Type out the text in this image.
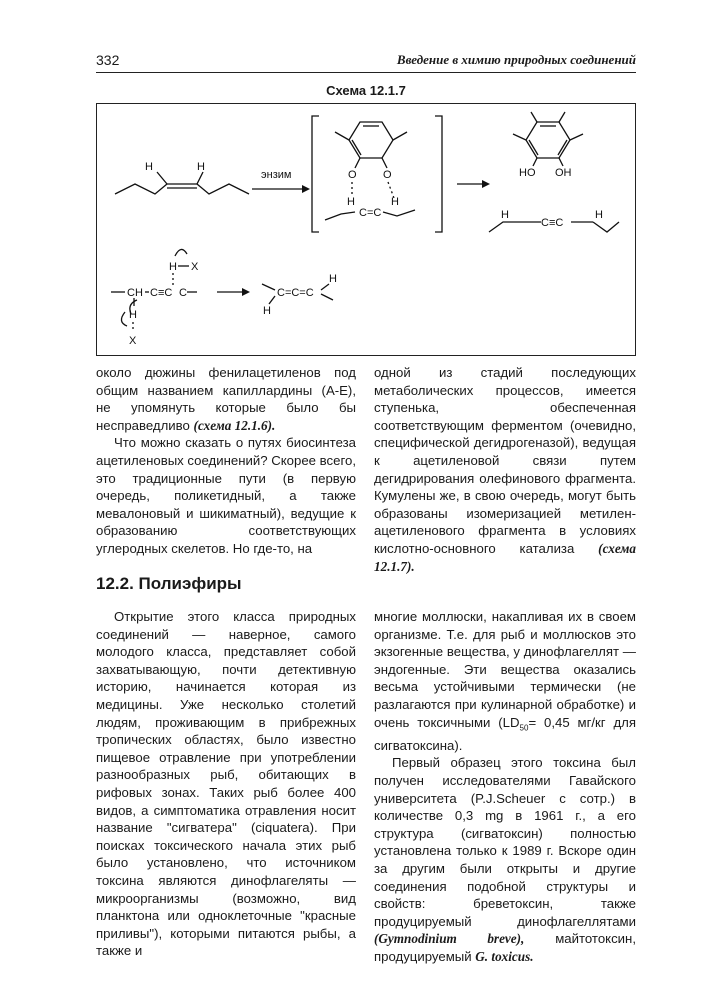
332	Введение в химию природных соединений
Схема 12.1.7
H	H
энзим	O O
H	H
C=C
HO OH
H
C≡C
H
H X
CH C≡C C
H
X
H
C=C=C
H

около дюжины фенилацетиленов под общим названием капиллардины (А-Е), не упомянуть которые было бы несправедливо (схема 12.1.6).

Что можно сказать о путях биосинтеза ацетиленовых соединений? Скорее всего, это традиционные пути (в первую очередь, поликетидный, а также мевалоновый и шикиматный), ведущие к образованию соответствующих углеродных скелетов. Но где-то, на

одной из стадий последующих метаболических процессов, имеется ступенька, обеспеченная соответствующим ферментом (очевидно, специфической дегидрогеназой), ведущая к ацетиленовой связи путем дегидрирования олефинового фрагмента. Кумулены же, в свою очередь, могут быть образованы изомеризацией метилен-ацетиленового фрагмента в условиях кислотно-основного катализа (схема 12.1.7).

12.2. Полиэфиры

Открытие этого класса природных соединений — наверное, самого молодого класса, представляет собой захватывающую, почти детективную историю, начинается которая из медицины. Уже несколько столетий людям, проживающим в прибрежных тропических областях, было известно пищевое отравление при употреблении разнообразных рыб, обитающих в рифовых зонах. Таких рыб более 400 видов, а симптоматика отравления носит название "сигватера" (ciquatera). При поисках токсического начала этих рыб было установлено, что источником токсина являются динофлагеляты — микроорганизмы (возможно, вид планктона или одноклеточные "красные приливы"), которыми питаются рыбы, а также и

многие моллюски, накапливая их в своем организме. Т.е. для рыб и моллюсков это экзогенные вещества, у динофлагеллят — эндогенные. Эти вещества оказались весьма устойчивыми термически (не разлагаются при кулинарной обработке) и очень токсичными ($LD_{50}= 0,45$ мг/кг для сигватоксина).

Первый образец этого токсина был получен исследователями Гавайского университета (P.J.Scheuer с сотр.) в количестве 0,3 mg в 1961 г., а его структура (сигватоксин) полностью установлена только к 1989 г. Вскоре один за другим были открыты и другие соединения подобной структуры и свойств: бреветоксин, также продуцируемый динофлагеллятами (Gymnodinium breve), майтотоксин, продуцируемый G. toxicus.
